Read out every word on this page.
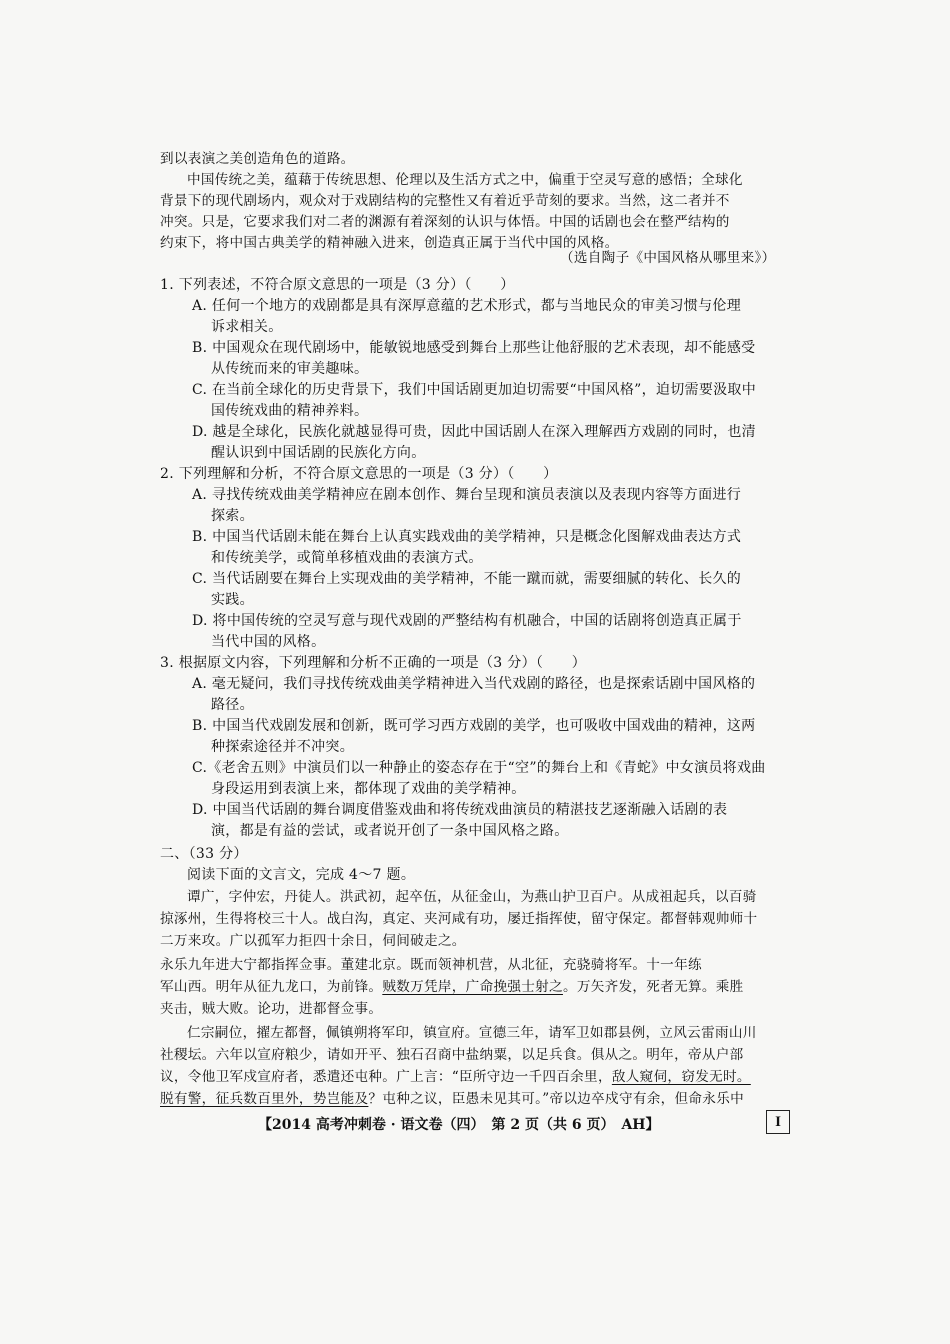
到以表演之美创造角色的道路。
中国传统之美，蕴藉于传统思想、伦理以及生活方式之中，偏重于空灵写意的感悟；全球化
背景下的现代剧场内，观众对于戏剧结构的完整性又有着近乎苛刻的要求。当然，这二者并不
冲突。只是，它要求我们对二者的渊源有着深刻的认识与体悟。中国的话剧也会在整严结构的
约束下，将中国古典美学的精神融入进来，创造真正属于当代中国的风格。
（选自陶子《中国风格从哪里来》）
1. 下列表述，不符合原文意思的一项是（3 分）（　　）
A. 任何一个地方的戏剧都是具有深厚意蕴的艺术形式，都与当地民众的审美习惯与伦理
诉求相关。
B. 中国观众在现代剧场中，能敏锐地感受到舞台上那些让他舒服的艺术表现，却不能感受
从传统而来的审美趣味。
C. 在当前全球化的历史背景下，我们中国话剧更加迫切需要“中国风格”，迫切需要汲取中
国传统戏曲的精神养料。
D. 越是全球化，民族化就越显得可贵，因此中国话剧人在深入理解西方戏剧的同时，也清
醒认识到中国话剧的民族化方向。
2. 下列理解和分析，不符合原文意思的一项是（3 分）（　　）
A. 寻找传统戏曲美学精神应在剧本创作、舞台呈现和演员表演以及表现内容等方面进行
探索。
B. 中国当代话剧未能在舞台上认真实践戏曲的美学精神，只是概念化图解戏曲表达方式
和传统美学，或简单移植戏曲的表演方式。
C. 当代话剧要在舞台上实现戏曲的美学精神，不能一蹴而就，需要细腻的转化、长久的
实践。
D. 将中国传统的空灵写意与现代戏剧的严整结构有机融合，中国的话剧将创造真正属于
当代中国的风格。
3. 根据原文内容，下列理解和分析不正确的一项是（3 分）（　　）
A. 毫无疑问，我们寻找传统戏曲美学精神进入当代戏剧的路径，也是探索话剧中国风格的
路径。
B. 中国当代戏剧发展和创新，既可学习西方戏剧的美学，也可吸收中国戏曲的精神，这两
种探索途径并不冲突。
C.《老舍五则》中演员们以一种静止的姿态存在于“空”的舞台上和《青蛇》中女演员将戏曲
身段运用到表演上来，都体现了戏曲的美学精神。
D. 中国当代话剧的舞台调度借鉴戏曲和将传统戏曲演员的精湛技艺逐渐融入话剧的表
演，都是有益的尝试，或者说开创了一条中国风格之路。
二、（33 分）
阅读下面的文言文，完成 4～7 题。
谭广，字仲宏，丹徒人。洪武初，起卒伍，从征金山，为燕山护卫百户。从成祖起兵，以百骑
掠涿州，生得将校三十人。战白沟，真定、夹河咸有功，屡迁指挥使，留守保定。都督韩观帅师十
二万来攻。广以孤军力拒四十余日，伺间破走之。
永乐九年进大宁都指挥佥事。董建北京。既而领神机营，从北征，充骁骑将军。十一年练
军山西。明年从征九龙口，为前锋。贼数万凭岸，广命挽强士射之。万矢齐发，死者无算。乘胜
夹击，贼大败。论功，进都督佥事。
仁宗嗣位，擢左都督，佩镇朔将军印，镇宣府。宣德三年，请军卫如郡县例，立风云雷雨山川
社稷坛。六年以宣府粮少，请如开平、独石召商中盐纳粟，以足兵食。俱从之。明年，帝从户部
议，令他卫军戍宣府者，悉遣还屯种。广上言：“臣所守边一千四百余里，敌人窥伺，窃发无时。
脱有警，征兵数百里外，势岂能及？屯种之议，臣愚未见其可。”帝以边卒戍守有余，但命永乐中
【2014 高考冲刺卷 · 语文卷（四）　第 2 页（共 6 页）　AH】	I
